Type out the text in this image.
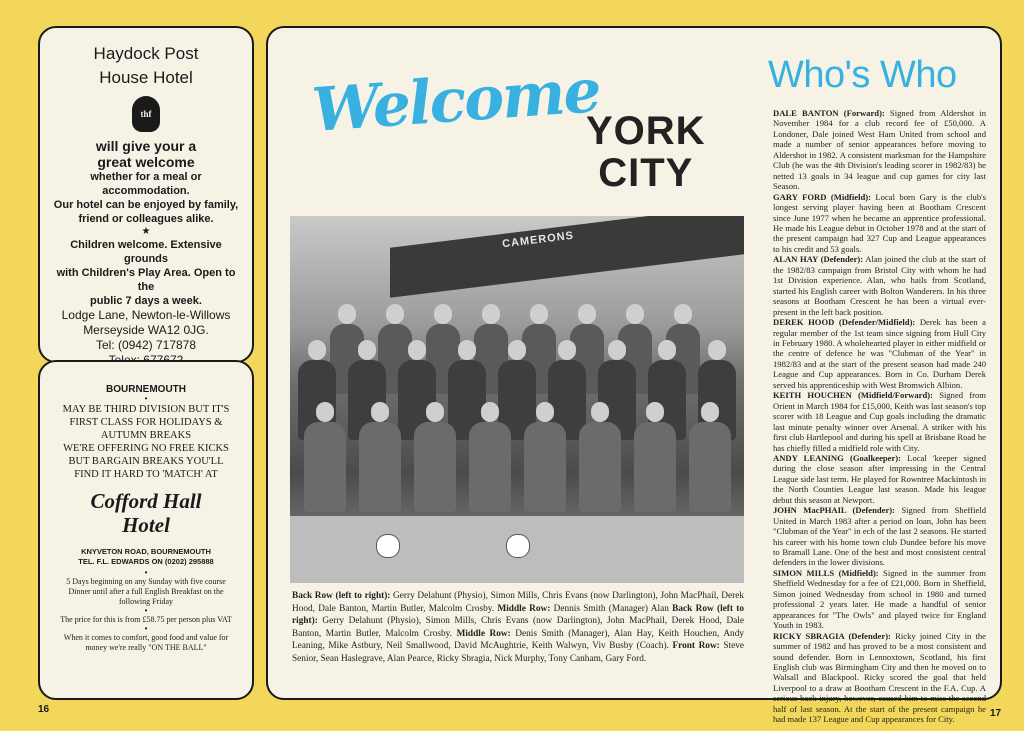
Haydock Post
House Hotel
thf
will give your a
great welcome
whether for a meal or accommodation.
Our hotel can be enjoyed by family,
friend or colleagues alike.
★
Children welcome. Extensive grounds
with Children's Play Area. Open to the
public 7 days a week.
Lodge Lane, Newton-le-Willows
Merseyside WA12 0JG.
Tel: (0942) 717878
BOURNEMOUTH
•
MAY BE THIRD DIVISION BUT IT'S
FIRST CLASS FOR HOLIDAYS &
AUTUMN BREAKS
WE'RE OFFERING NO FREE KICKS
BUT BARGAIN BREAKS YOU'LL
FIND IT HARD TO 'MATCH' AT
Cofford Hall
Hotel
KNYVETON ROAD, BOURNEMOUTH
TEL. F.L. EDWARDS ON (0202) 295888
•
5 Days beginning on any Sunday with five course
Dinner until after a full English Breakfast on the
following Friday
•
The price for this is from £58.75 per person plus VAT
•
When it comes to comfort, good food and value for
money we're really "ON THE BALL"
Welcome
YORK
CITY
CAMERONS
Back Row (left to right): Gerry Delahunt (Physio), Simon Mills, Chris Evans (now Darlington), John MacPhail, Derek Hood, Dale Banton, Martin Butler, Malcolm Crosby. Middle Row: Dennis Smith (Manager) Alan Back Row (left to right): Gerry Delahunt (Physio), Simon Mills, Chris Evans (now Darlington), John MacPhail, Derek Hood, Dale Banton, Martin Butler, Malcolm Crosby. Middle Row: Denis Smith (Manager), Alan Hay, Keith Houchen, Andy Leaning, Mike Astbury, Neil Smallwood, David McAughtrie, Keith Walwyn, Viv Busby (Coach). Front Row: Steve Senior, Sean Haslegrave, Alan Pearce, Ricky Sbragia, Nick Murphy, Tony Canham, Gary Ford.
Who's Who

DALE BANTON (Forward): Signed from Aldershot in November 1984 for a club record fee of £50,000. A Londoner, Dale joined West Ham United from school and made a number of senior appearances before moving to Aldershot in 1982. A consistent marksman for the Hampshire Club (he was the 4th Division's leading scorer in 1982/83) he netted 13 goals in 34 league and cup games for city last Season.

GARY FORD (Midfield): Local born Gary is the club's longest serving player having been at Bootham Crescent since June 1977 when he became an apprentice professional. He made his League debut in October 1978 and at the start of the present campaign had 327 Cup and League appearances to his credit and 53 goals.

ALAN HAY (Defender): Alan joined the club at the start of the 1982/83 campaign from Bristol City with whom he had 1st Division experience. Alan, who hails from Scotland, started his English career with Bolton Wanderers. In his three seasons at Bootham Crescent he has been a virtual ever-present in the left back position.

DEREK HOOD (Defender/Midfield): Derek has been a regular member of the 1st team since signing from Hull City in February 1980. A wholehearted player in either midfield or the centre of defence he was "Clubman of the Year" in 1982/83 and at the start of the present season had made 240 League and Cup appearances. Born in Co. Durham Derek served his apprenticeship with West Bromwich Albion.

KEITH HOUCHEN (Midfield/Forward): Signed from Orient in March 1984 for £15,000, Keith was last season's top scorer with 18 League and Cup goals including the dramatic last minute penalty winner over Arsenal. A striker with his first club Hartlepool and during his spell at Brisbane Road he has chiefly filled a midfield role with City.

ANDY LEANING (Goalkeeper): Local 'keeper signed during the close season after impressing in the Central League side last term. He played for Rowntree Mackintosh in the North Counties League last season. Made his league debut this season at Newport.

JOHN MacPHAIL (Defender): Signed from Sheffield United in March 1983 after a period on loan, John has been "Clubman of the Year" in ech of the last 2 seasons. He started his career with his home town club Dundee before his move to Bramall Lane. One of the best and most consistent central defenders in the lower divisions.

SIMON MILLS (Midfield): Signed in the summer from Sheffield Wednesday for a fee of £21,000. Born in Sheffield, Simon joined Wednesday from school in 1980 and turned professional 2 years later. He made a handful of senior appearances for "The Owls" and played twice for England Youth in 1983.

RICKY SBRAGIA (Defender): Ricky joined City in the summer of 1982 and has proved to be a most consistent and sound defender. Born in Lennoxtown, Scotland, his first English club was Birmingham City and then he moved on to Walsall and Blackpool. Ricky scored the goal that held Liverpool to a draw at Bootham Crescent in the F.A. Cup. A serious back injury, however, caused him to miss the second half of last season. At the start of the present campaign he had made 137 League and Cup appearances for City.

16	17
